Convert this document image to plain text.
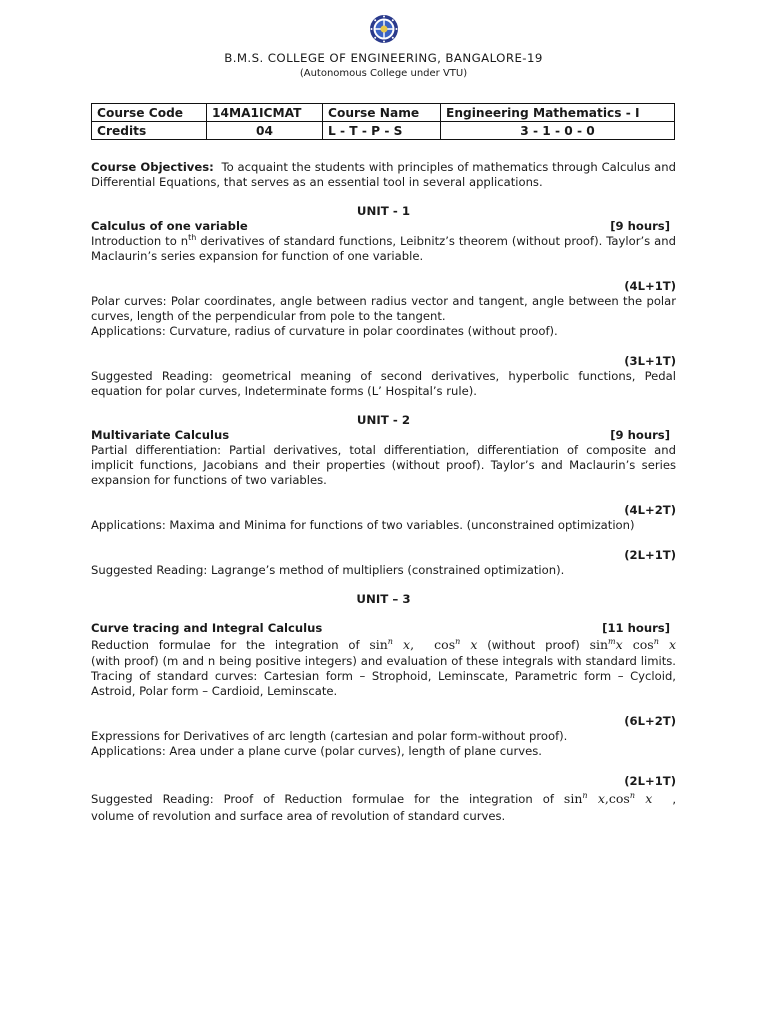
B.M.S. COLLEGE OF ENGINEERING, BANGALORE-19
(Autonomous College under VTU)
Course Code	14MA1ICMAT	Course Name	Engineering Mathematics - I
Credits	04	L - T - P - S	3 - 1 - 0 - 0

Course Objectives: To acquaint the students with principles of mathematics through Calculus and Differential Equations, that serves as an essential tool in several applications.

UNIT - 1
Calculus of one variable	[9 hours]

Introduction to $n^{th}$ derivatives of standard functions, Leibnitz’s theorem (without proof). Taylor’s and Maclaurin’s series expansion for function of one variable.

(4L+1T)

Polar curves: Polar coordinates, angle between radius vector and tangent, angle between the polar curves, length of the perpendicular from pole to the tangent.

Applications: Curvature, radius of curvature in polar coordinates (without proof).

(3L+1T)

Suggested Reading: geometrical meaning of second derivatives, hyperbolic functions, Pedal equation for polar curves, Indeterminate forms (L’ Hospital’s rule).

UNIT - 2
Multivariate Calculus	[9 hours]

Partial differentiation: Partial derivatives, total differentiation, differentiation of composite and implicit functions, Jacobians and their properties (without proof). Taylor’s and Maclaurin’s series expansion for functions of two variables.

(4L+2T)

Applications: Maxima and Minima for functions of two variables. (unconstrained optimization)

(2L+1T)

Suggested Reading: Lagrange’s method of multipliers (constrained optimization).

UNIT – 3
Curve tracing and Integral Calculus	[11 hours]

Reduction formulae for the integration of $\sin^n x$,  $\cos^n x$ (without proof) $\sin^mx$ $\cos^n x$

(with proof) (m and n being positive integers) and evaluation of these integrals with standard limits. Tracing of standard curves: Cartesian form – Strophoid, Leminscate, Parametric form – Cycloid, Astroid, Polar form – Cardioid, Leminscate.

(6L+2T)

Expressions for Derivatives of arc length (cartesian and polar form-without proof).

Applications: Area under a plane curve (polar curves), length of plane curves.

(2L+1T)

Suggested Reading: Proof of Reduction formulae for the integration of $\sin^n x,\cos^n$ x  ,

volume of revolution and surface area of revolution of standard curves.
